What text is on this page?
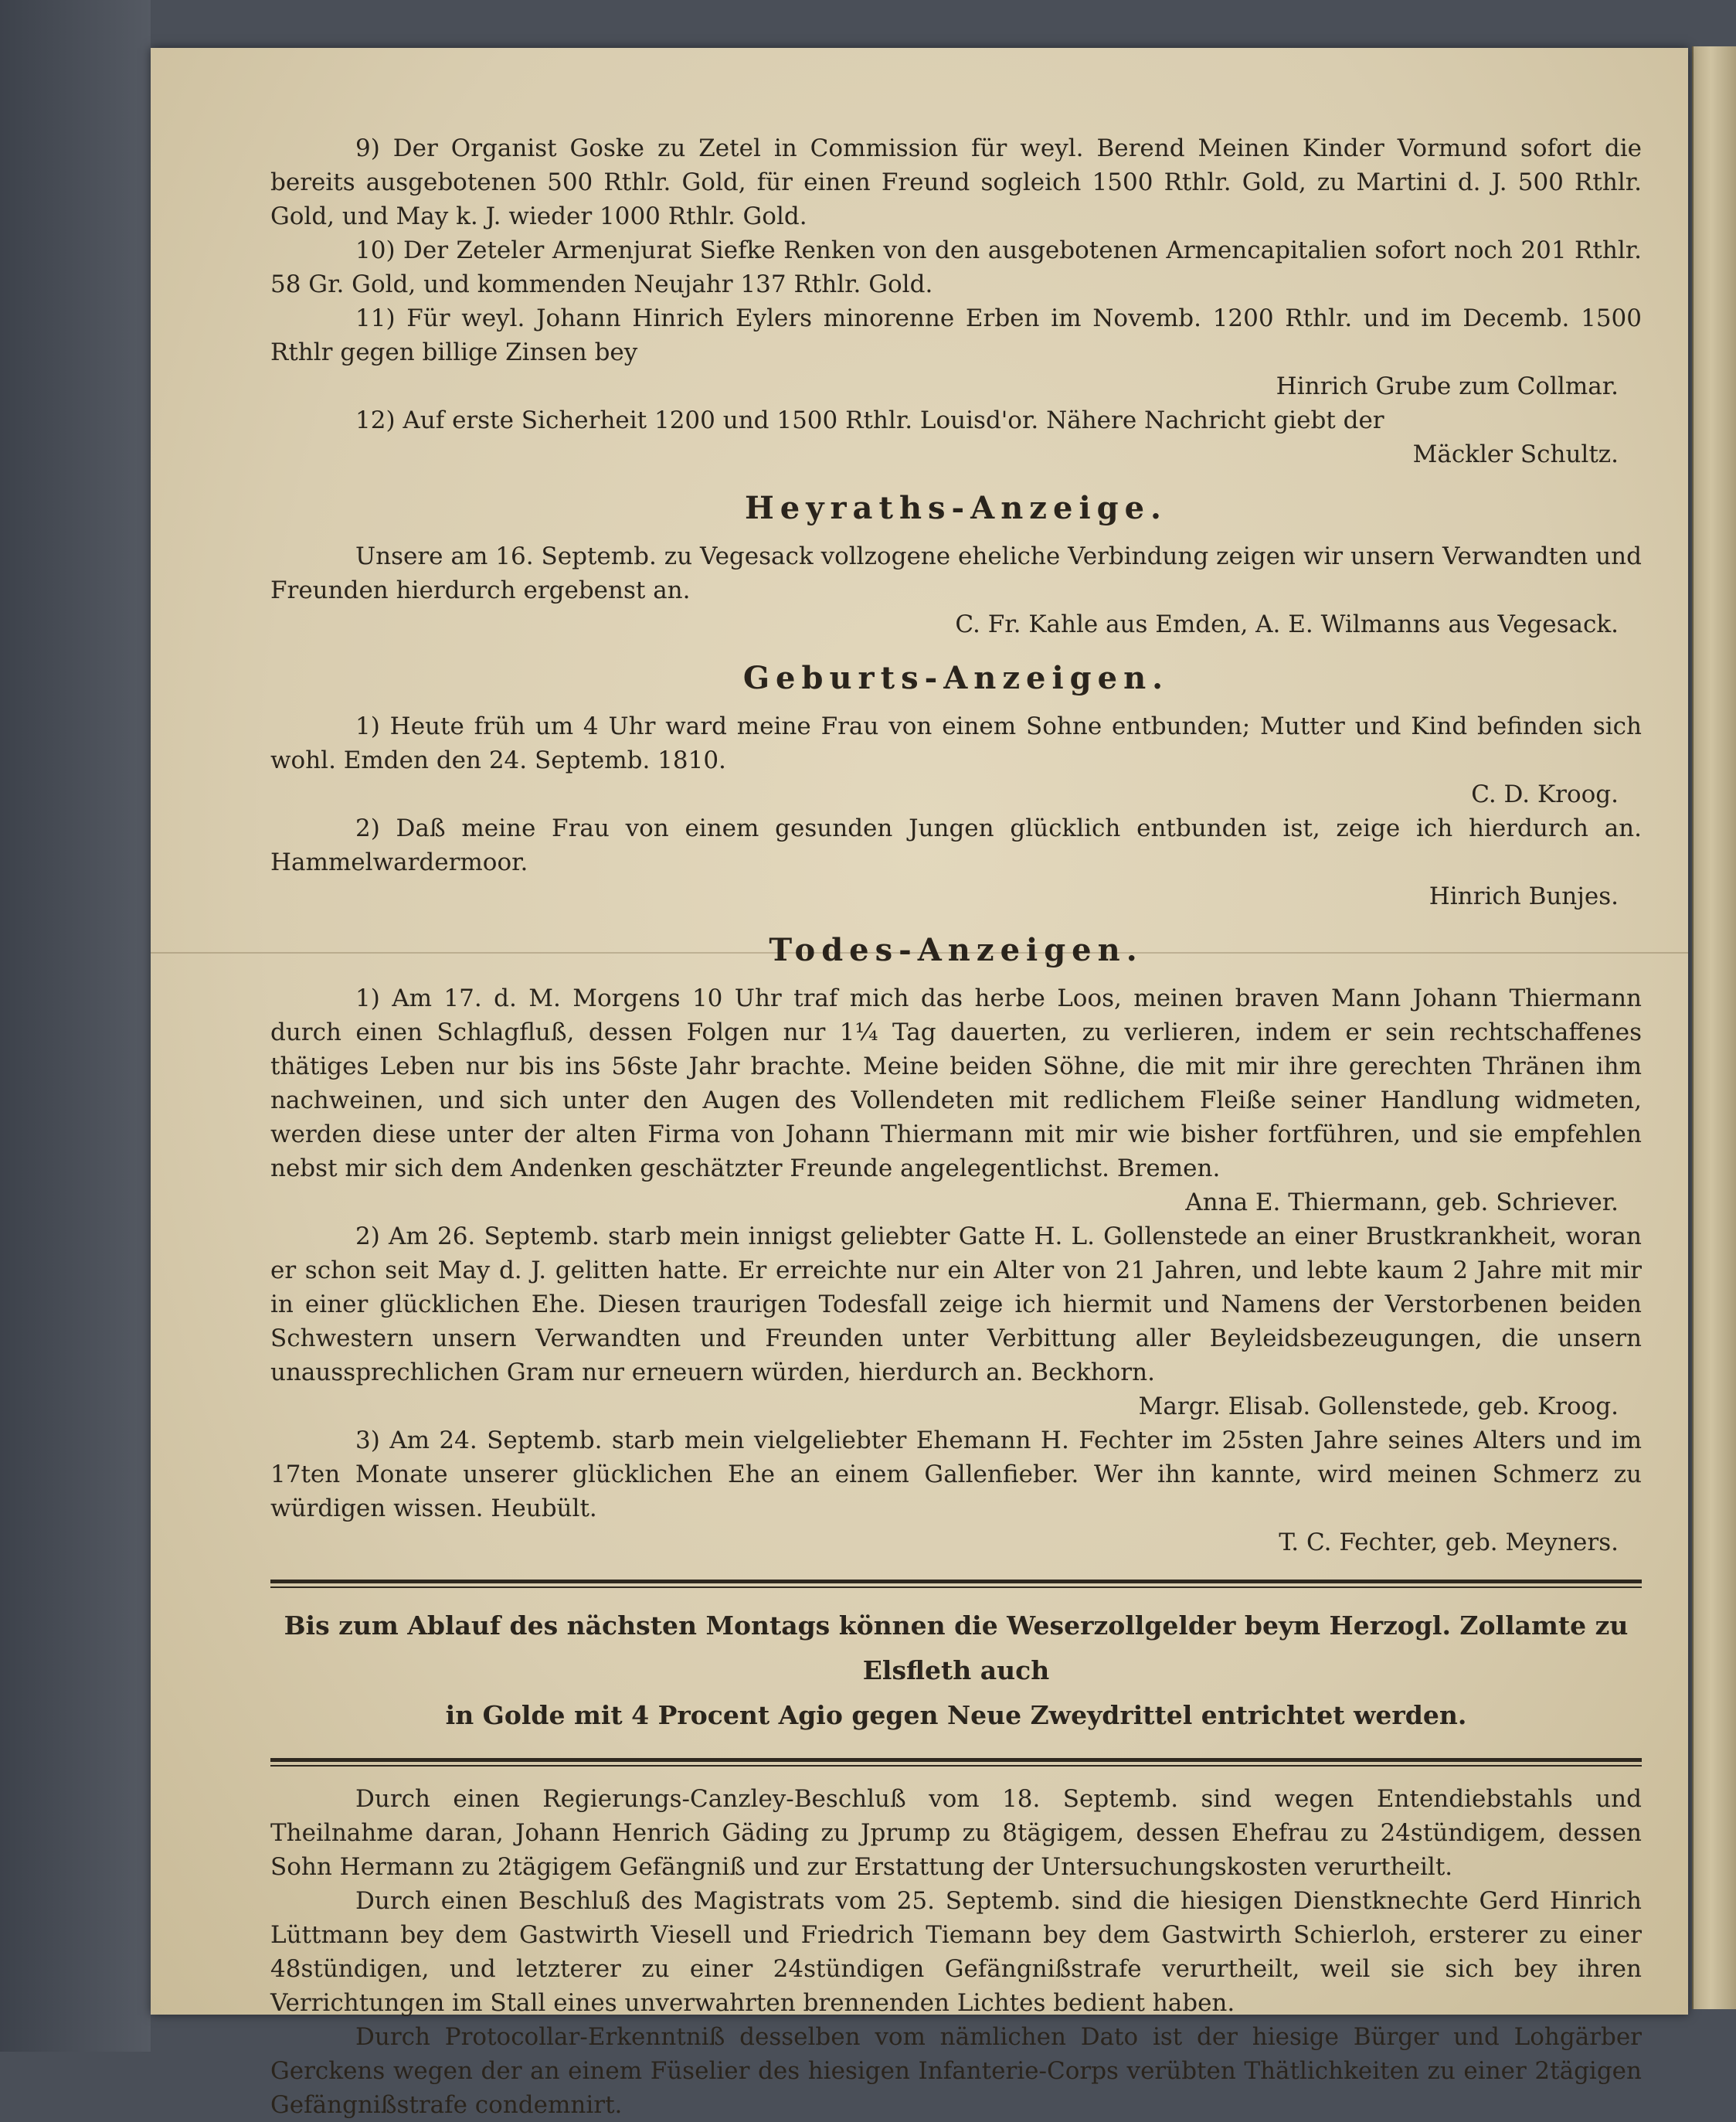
9) Der Organist Goske zu Zetel in Commission für weyl. Berend Meinen Kinder Vormund sofort die bereits ausgebotenen 500 Rthlr. Gold, für einen Freund sogleich 1500 Rthlr. Gold, zu Martini d. J. 500 Rthlr. Gold, und May k. J. wieder 1000 Rthlr. Gold.

10) Der Zeteler Armenjurat Siefke Renken von den ausgebotenen Armencapitalien sofort noch 201 Rthlr. 58 Gr. Gold, und kommenden Neujahr 137 Rthlr. Gold.

11) Für weyl. Johann Hinrich Eylers minorenne Erben im Novemb. 1200 Rthlr. und im Decemb. 1500 Rthlr gegen billige Zinsen bey

Hinrich Grube zum Collmar.

12) Auf erste Sicherheit 1200 und 1500 Rthlr. Louisd'or. Nähere Nachricht giebt der

Mäckler Schultz.

Heyraths-Anzeige.

Unsere am 16. Septemb. zu Vegesack vollzogene eheliche Verbindung zeigen wir unsern Verwandten und Freunden hierdurch ergebenst an.

C. Fr. Kahle aus Emden, A. E. Wilmanns aus Vegesack.

Geburts-Anzeigen.

1) Heute früh um 4 Uhr ward meine Frau von einem Sohne entbunden; Mutter und Kind befinden sich wohl. Emden den 24. Septemb. 1810.

C. D. Kroog.

2) Daß meine Frau von einem gesunden Jungen glücklich entbunden ist, zeige ich hierdurch an. Hammelwardermoor.

Hinrich Bunjes.

Todes-Anzeigen.

1) Am 17. d. M. Morgens 10 Uhr traf mich das herbe Loos, meinen braven Mann Johann Thiermann durch einen Schlagfluß, dessen Folgen nur 1¼ Tag dauerten, zu verlieren, indem er sein rechtschaffenes thätiges Leben nur bis ins 56ste Jahr brachte. Meine beiden Söhne, die mit mir ihre gerechten Thränen ihm nachweinen, und sich unter den Augen des Vollendeten mit redlichem Fleiße seiner Handlung widmeten, werden diese unter der alten Firma von Johann Thiermann mit mir wie bisher fortführen, und sie empfehlen nebst mir sich dem Andenken geschätzter Freunde angelegentlichst. Bremen.

Anna E. Thiermann, geb. Schriever.

2) Am 26. Septemb. starb mein innigst geliebter Gatte H. L. Gollenstede an einer Brustkrankheit, woran er schon seit May d. J. gelitten hatte. Er erreichte nur ein Alter von 21 Jahren, und lebte kaum 2 Jahre mit mir in einer glücklichen Ehe. Diesen traurigen Todesfall zeige ich hiermit und Namens der Verstorbenen beiden Schwestern unsern Verwandten und Freunden unter Verbittung aller Beyleidsbezeugungen, die unsern unaussprechlichen Gram nur erneuern würden, hierdurch an. Beckhorn.

Margr. Elisab. Gollenstede, geb. Kroog.

3) Am 24. Septemb. starb mein vielgeliebter Ehemann H. Fechter im 25sten Jahre seines Alters und im 17ten Monate unserer glücklichen Ehe an einem Gallenfieber. Wer ihn kannte, wird meinen Schmerz zu würdigen wissen. Heubült.

T. C. Fechter, geb. Meyners.

Bis zum Ablauf des nächsten Montags können die Weserzollgelder beym Herzogl. Zollamte zu Elsfleth auch

in Golde mit 4 Procent Agio gegen Neue Zweydrittel entrichtet werden.

Durch einen Regierungs-Canzley-Beschluß vom 18. Septemb. sind wegen Entendiebstahls und Theilnahme daran, Johann Henrich Gäding zu Jprump zu 8tägigem, dessen Ehefrau zu 24stündigem, dessen Sohn Hermann zu 2tägigem Gefängniß und zur Erstattung der Untersuchungskosten verurtheilt.

Durch einen Beschluß des Magistrats vom 25. Septemb. sind die hiesigen Dienstknechte Gerd Hinrich Lüttmann bey dem Gastwirth Viesell und Friedrich Tiemann bey dem Gastwirth Schierloh, ersterer zu einer 48stündigen, und letzterer zu einer 24stündigen Gefängnißstrafe verurtheilt, weil sie sich bey ihren Verrichtungen im Stall eines unverwahrten brennenden Lichtes bedient haben.

Durch Protocollar-Erkenntniß desselben vom nämlichen Dato ist der hiesige Bürger und Lohgärber Gerckens wegen der an einem Füselier des hiesigen Infanterie-Corps verübten Thätlichkeiten zu einer 2tägigen Gefängnißstrafe condemnirt.
